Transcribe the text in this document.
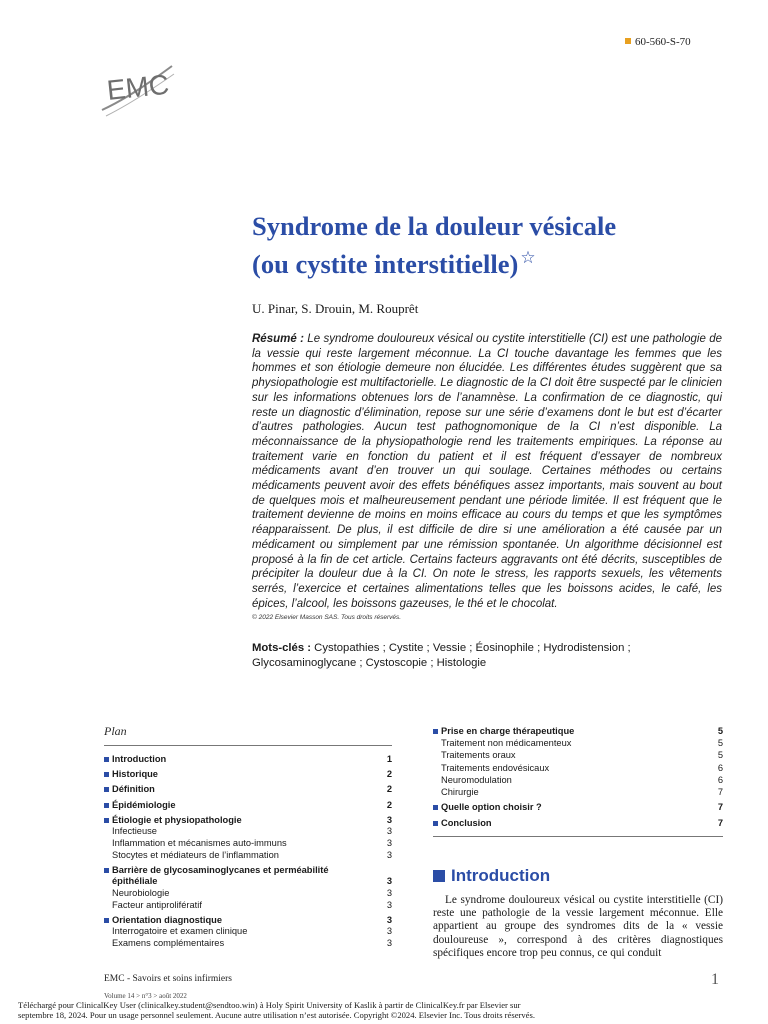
60-560-S-70
EMC
Syndrome de la douleur vésicale
(ou cystite interstitielle) ☆
U. Pinar, S. Drouin, M. Rouprêt
Résumé : Le syndrome douloureux vésical ou cystite interstitielle (CI) est une pathologie de la vessie qui reste largement méconnue. La CI touche davantage les femmes que les hommes et son étiologie demeure non élucidée. Les différentes études suggèrent que sa physiopathologie est multifactorielle. Le diagnostic de la CI doit être suspecté par le clinicien sur les informations obtenues lors de l’anamnèse. La confirmation de ce diagnostic, qui reste un diagnostic d’élimination, repose sur une série d’examens dont le but est d’écarter d’autres pathologies. Aucun test pathognomonique de la CI n’est disponible. La méconnaissance de la physiopathologie rend les traitements empiriques. La réponse au traitement varie en fonction du patient et il est fréquent d’essayer de nombreux médicaments avant d’en trouver un qui soulage. Certaines méthodes ou certains médicaments peuvent avoir des effets bénéfiques assez importants, mais souvent au bout de quelques mois et malheureusement pendant une période limitée. Il est fréquent que le traitement devienne de moins en moins efficace au cours du temps et que les symptômes réapparaissent. De plus, il est difficile de dire si une amélioration a été causée par un médicament ou simplement par une rémission spontanée. Un algorithme décisionnel est proposé à la fin de cet article. Certains facteurs aggravants ont été décrits, susceptibles de précipiter la douleur due à la CI. On note le stress, les rapports sexuels, les vêtements serrés, l’exercice et certaines alimentations telles que les boissons acides, le café, les épices, l’alcool, les boissons gazeuses, le thé et le chocolat.
© 2022 Elsevier Masson SAS. Tous droits réservés.
Mots-clés : Cystopathies ; Cystite ; Vessie ; Éosinophile ; Hydrodistension ; Glycosaminoglycane ; Cystoscopie ; Histologie
Plan
Introduction	1
Historique	2
Définition	2
Épidémiologie	2
Étiologie et physiopathologie	3
Infectieuse	3
Inflammation et mécanismes auto-immuns	3
Stocytes et médiateurs de l’inflammation	3
Barrière de glycosaminoglycanes et perméabilité
épithéliale	3
Neurobiologie	3
Facteur antiprolifératif	3
Orientation diagnostique	3
Interrogatoire et examen clinique	3
Examens complémentaires	3
Prise en charge thérapeutique	5
Traitement non médicamenteux	5
Traitements oraux	5
Traitements endovésicaux	6
Neuromodulation	6
Chirurgie	7
Quelle option choisir ?	7
Conclusion	7
Introduction
Le syndrome douloureux vésical ou cystite interstitielle (CI) reste une pathologie de la vessie largement méconnue. Elle appartient au groupe des syndromes dits de la « vessie douloureuse », correspond à des critères diagnostiques spécifiques encore trop peu connus, ce qui conduit
EMC - Savoirs et soins infirmiers	1
Volume 14 > n°3 > août 2022
Téléchargé pour ClinicalKey User (clinicalkey.student@sendtoo.win) à Holy Spirit University of Kaslik à partir de ClinicalKey.fr par Elsevier sur
septembre 18, 2024. Pour un usage personnel seulement. Aucune autre utilisation n’est autorisée. Copyright ©2024. Elsevier Inc. Tous droits réservés.
